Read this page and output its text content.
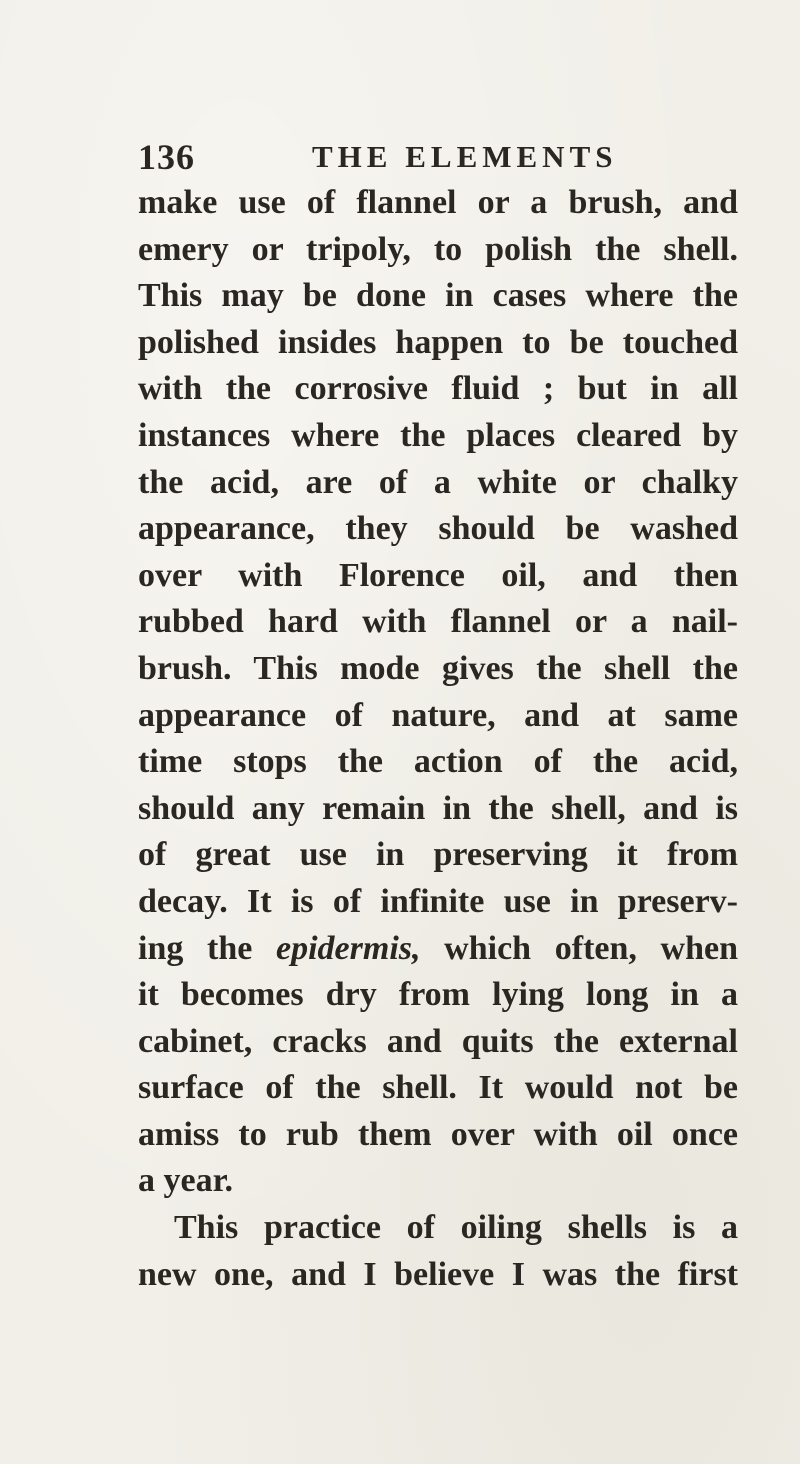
136	THE ELEMENTS
make use of flannel or a brush, and
emery or tripoly, to polish the shell.
This may be done in cases where the
polished insides happen to be touched
with the corrosive fluid ; but in all
instances where the places cleared by
the acid, are of a white or chalky
appearance, they should be washed
over with Florence oil, and then
rubbed hard with flannel or a nail-
brush. This mode gives the shell the
appearance of nature, and at same
time stops the action of the acid,
should any remain in the shell, and is
of great use in preserving it from
decay. It is of infinite use in preserv-
ing the epidermis, which often, when
it becomes dry from lying long in a
cabinet, cracks and quits the external
surface of the shell. It would not be
amiss to rub them over with oil once
a year.
This practice of oiling shells is a
new one, and I believe I was the first
